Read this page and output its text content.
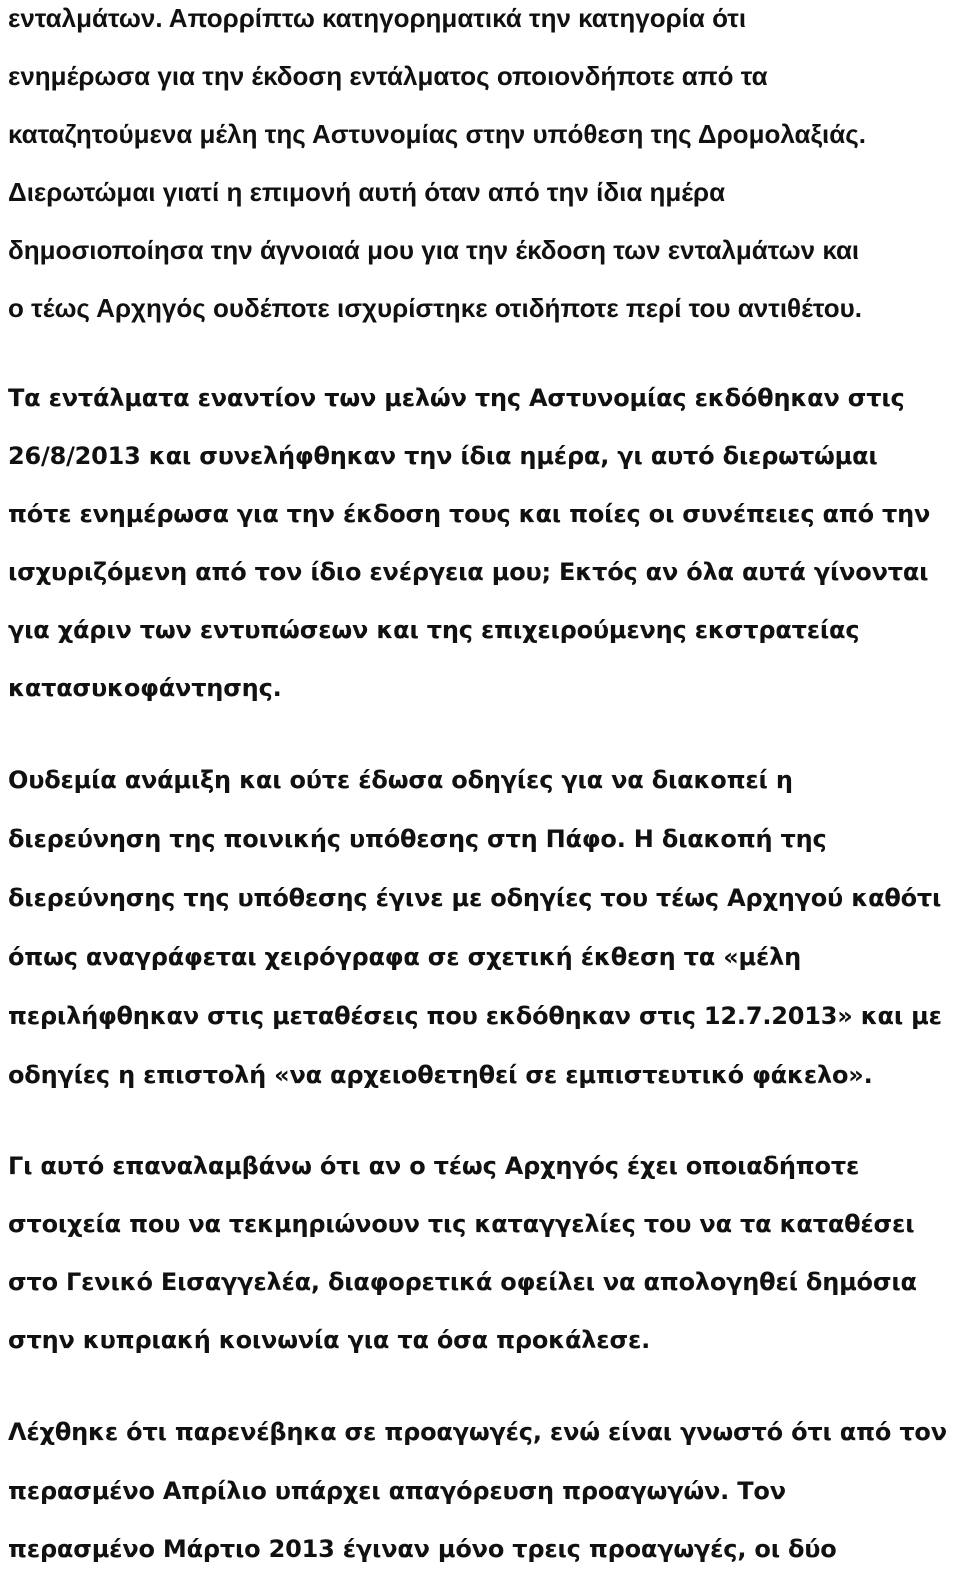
ενταλμάτων. Απορρίπτω κατηγορηματικά την κατηγορία ότι
ενημέρωσα για την έκδοση εντάλματος οποιονδήποτε από τα
καταζητούμενα μέλη της Αστυνομίας στην υπόθεση της Δρομολαξιάς.
Διερωτώμαι γιατί η επιμονή αυτή όταν από την ίδια ημέρα
δημοσιοποίησα την άγνοιαά μου για την έκδοση των ενταλμάτων και
ο τέως Αρχηγός ουδέποτε ισχυρίστηκε οτιδήποτε περί του αντιθέτου.
Τα εντάλματα εναντίον των μελών της Αστυνομίας εκδόθηκαν στις
26/8/2013 και συνελήφθηκαν την ίδια ημέρα, γι αυτό διερωτώμαι
πότε ενημέρωσα για την έκδοση τους και ποίες οι συνέπειες από την
ισχυριζόμενη από τον ίδιο ενέργεια μου; Εκτός αν όλα αυτά γίνονται
για χάριν των εντυπώσεων και της επιχειρούμενης εκστρατείας
κατασυκοφάντησης.
Ουδεμία ανάμιξη και ούτε έδωσα οδηγίες για να διακοπεί η
διερεύνηση της ποινικής υπόθεσης στη Πάφο. Η διακοπή της
διερεύνησης της υπόθεσης έγινε με οδηγίες του τέως Αρχηγού καθότι
όπως αναγράφεται χειρόγραφα σε σχετική έκθεση τα «μέλη
περιλήφθηκαν στις μεταθέσεις που εκδόθηκαν στις 12.7.2013» και με
οδηγίες η επιστολή «να αρχειοθετηθεί σε εμπιστευτικό φάκελο».
Γι αυτό επαναλαμβάνω ότι αν ο τέως Αρχηγός έχει οποιαδήποτε
στοιχεία που να τεκμηριώνουν τις καταγγελίες του να τα καταθέσει
στο Γενικό Εισαγγελέα, διαφορετικά οφείλει να απολογηθεί δημόσια
στην κυπριακή κοινωνία για τα όσα προκάλεσε.
Λέχθηκε ότι παρενέβηκα σε προαγωγές, ενώ είναι γνωστό ότι από τον
περασμένο Απρίλιο υπάρχει απαγόρευση προαγωγών. Τον
περασμένο Μάρτιο 2013 έγιναν μόνο τρεις προαγωγές, οι δύο
